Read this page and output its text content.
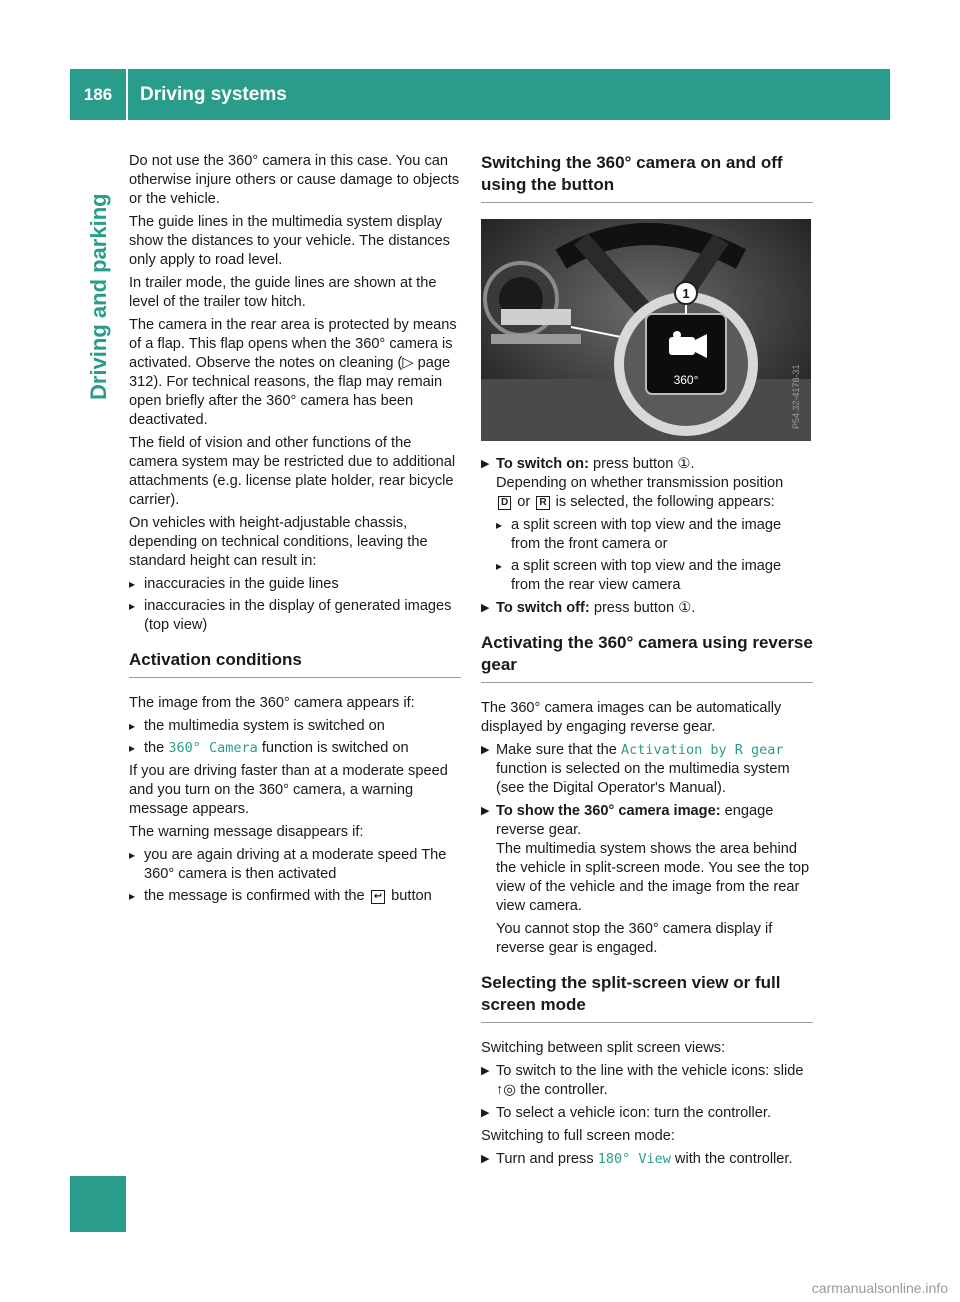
186	Driving systems
Driving and parking

Do not use the 360° camera in this case. You can otherwise injure others or cause damage to objects or the vehicle.

The guide lines in the multimedia system display show the distances to your vehicle. The distances only apply to road level.

In trailer mode, the guide lines are shown at the level of the trailer tow hitch.

The camera in the rear area is protected by means of a flap. This flap opens when the 360° camera is activated. Observe the notes on cleaning (▷ page 312). For technical reasons, the flap may remain open briefly after the 360° camera has been deactivated.

The field of vision and other functions of the camera system may be restricted due to additional attachments (e.g. license plate holder, rear bicycle carrier).

On vehicles with height-adjustable chassis, depending on technical conditions, leaving the standard height can result in:

▸ inaccuracies in the guide lines
▸ inaccuracies in the display of generated images (top view)
Activation conditions

The image from the 360° camera appears if:

▸ the multimedia system is switched on
▸ the 360° Camera function is switched on

If you are driving faster than at a moderate speed and you turn on the 360° camera, a warning message appears.

The warning message disappears if:

▸ you are again driving at a moderate speed The 360° camera is then activated
▸ the message is confirmed with the ↩ button
Switching the 360° camera on and off using the button
360°
1
P54.32-4178-31
▶ To switch on: press button ①.
Depending on whether transmission position
D or R is selected, the following appears:
▸ a split screen with top view and the image from the front camera or
▸ a split screen with top view and the image from the rear view camera
▶ To switch off: press button ①.
Activating the 360° camera using reverse gear

The 360° camera images can be automatically displayed by engaging reverse gear.

▶ Make sure that the Activation by R gear function is selected on the multimedia system (see the Digital Operator's Manual).
▶ To show the 360° camera image: engage reverse gear.
The multimedia system shows the area behind the vehicle in split-screen mode. You see the top view of the vehicle and the image from the rear view camera.
You cannot stop the 360° camera display if reverse gear is engaged.
Selecting the split-screen view or full screen mode

Switching between split screen views:

▶ To switch to the line with the vehicle icons: slide ↑◎ the controller.
▶ To select a vehicle icon: turn the controller.

Switching to full screen mode:

▶ Turn and press 180° View with the controller.
carmanualsonline.info
